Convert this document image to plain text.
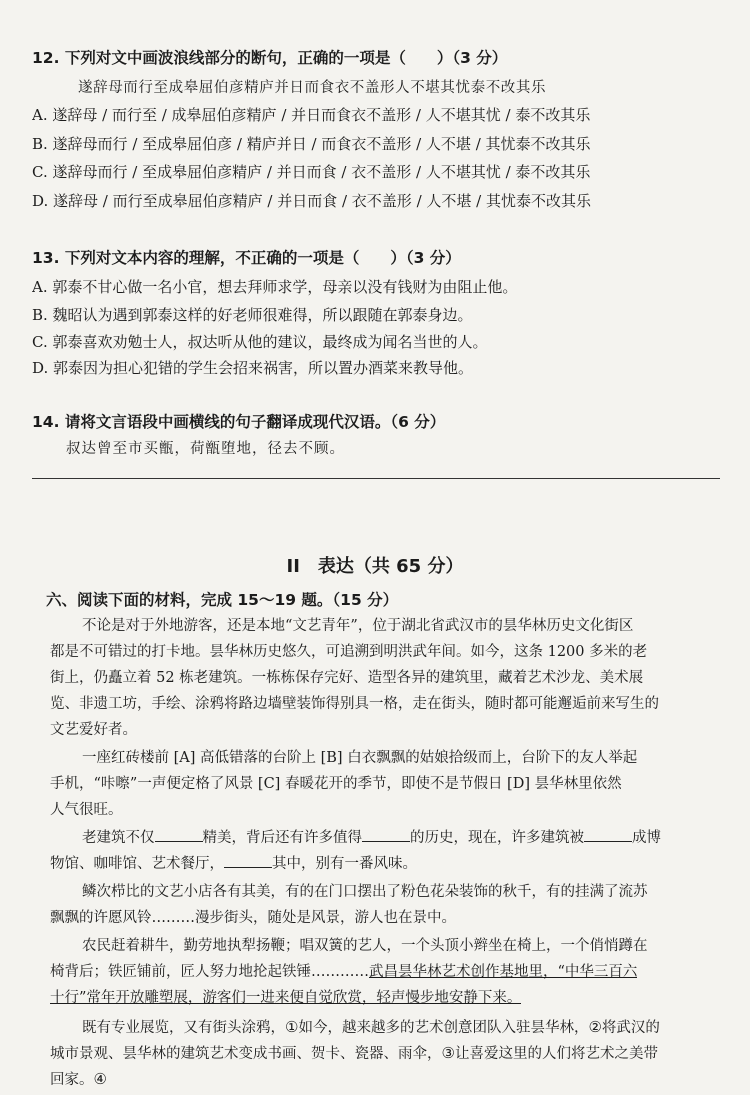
12. 下列对文中画波浪线部分的断句，正确的一项是（　　）（3 分）
遂辞母而行至成皋屈伯彦精庐并日而食衣不盖形人不堪其忧泰不改其乐
A. 遂辞母 / 而行至 / 成皋屈伯彦精庐 / 并日而食衣不盖形 / 人不堪其忧 / 泰不改其乐
B. 遂辞母而行 / 至成皋屈伯彦 / 精庐并日 / 而食衣不盖形 / 人不堪 / 其忧泰不改其乐
C. 遂辞母而行 / 至成皋屈伯彦精庐 / 并日而食 / 衣不盖形 / 人不堪其忧 / 泰不改其乐
D. 遂辞母 / 而行至成皋屈伯彦精庐 / 并日而食 / 衣不盖形 / 人不堪 / 其忧泰不改其乐
13. 下列对文本内容的理解，不正确的一项是（　　）（3 分）
A. 郭泰不甘心做一名小官，想去拜师求学，母亲以没有钱财为由阻止他。
B. 魏昭认为遇到郭泰这样的好老师很难得，所以跟随在郭泰身边。
C. 郭泰喜欢劝勉士人，叔达听从他的建议，最终成为闻名当世的人。
D. 郭泰因为担心犯错的学生会招来祸害，所以置办酒菜来教导他。
14. 请将文言语段中画横线的句子翻译成现代汉语。（6 分）
叔达曾至市买甑，荷甑堕地，径去不顾。
II　表达（共 65 分）
六、阅读下面的材料，完成 15～19 题。（15 分）
不论是对于外地游客，还是本地“文艺青年”，位于湖北省武汉市的昙华林历史文化街区
都是不可错过的打卡地。昙华林历史悠久，可追溯到明洪武年间。如今，这条 1200 多米的老
街上，仍矗立着 52 栋老建筑。一栋栋保存完好、造型各异的建筑里，藏着艺术沙龙、美术展
览、非遗工坊，手绘、涂鸦将路边墙壁装饰得别具一格，走在街头，随时都可能邂逅前来写生的
文艺爱好者。
一座红砖楼前 [A] 高低错落的台阶上 [B] 白衣飘飘的姑娘拾级而上，台阶下的友人举起
手机，“咔嚓”一声便定格了风景 [C] 春暖花开的季节，即使不是节假日 [D] 昙华林里依然
人气很旺。
老建筑不仅	精美，背后还有许多值得	的历史，现在，许多建筑被	成博
物馆、咖啡馆、艺术餐厅，	其中，别有一番风味。
鳞次栉比的文艺小店各有其美，有的在门口摆出了粉色花朵装饰的秋千，有的挂满了流苏
飘飘的许愿风铃………漫步街头，随处是风景，游人也在景中。
农民赶着耕牛，勤劳地执犁扬鞭；唱双簧的艺人，一个头顶小辫坐在椅上，一个俏悄蹲在
椅背后；铁匠铺前，匠人努力地抡起铁锤…………武昌昙华林艺术创作基地里，“中华三百六
十行”常年开放雕塑展，游客们一进来便自觉欣赏，轻声慢步地安静下来。
既有专业展览，又有街头涂鸦，①如今，越来越多的艺术创意团队入驻昙华林，②将武汉的
城市景观、昙华林的建筑艺术变成书画、贺卡、瓷器、雨伞，③让喜爱这里的人们将艺术之美带
回家。④
